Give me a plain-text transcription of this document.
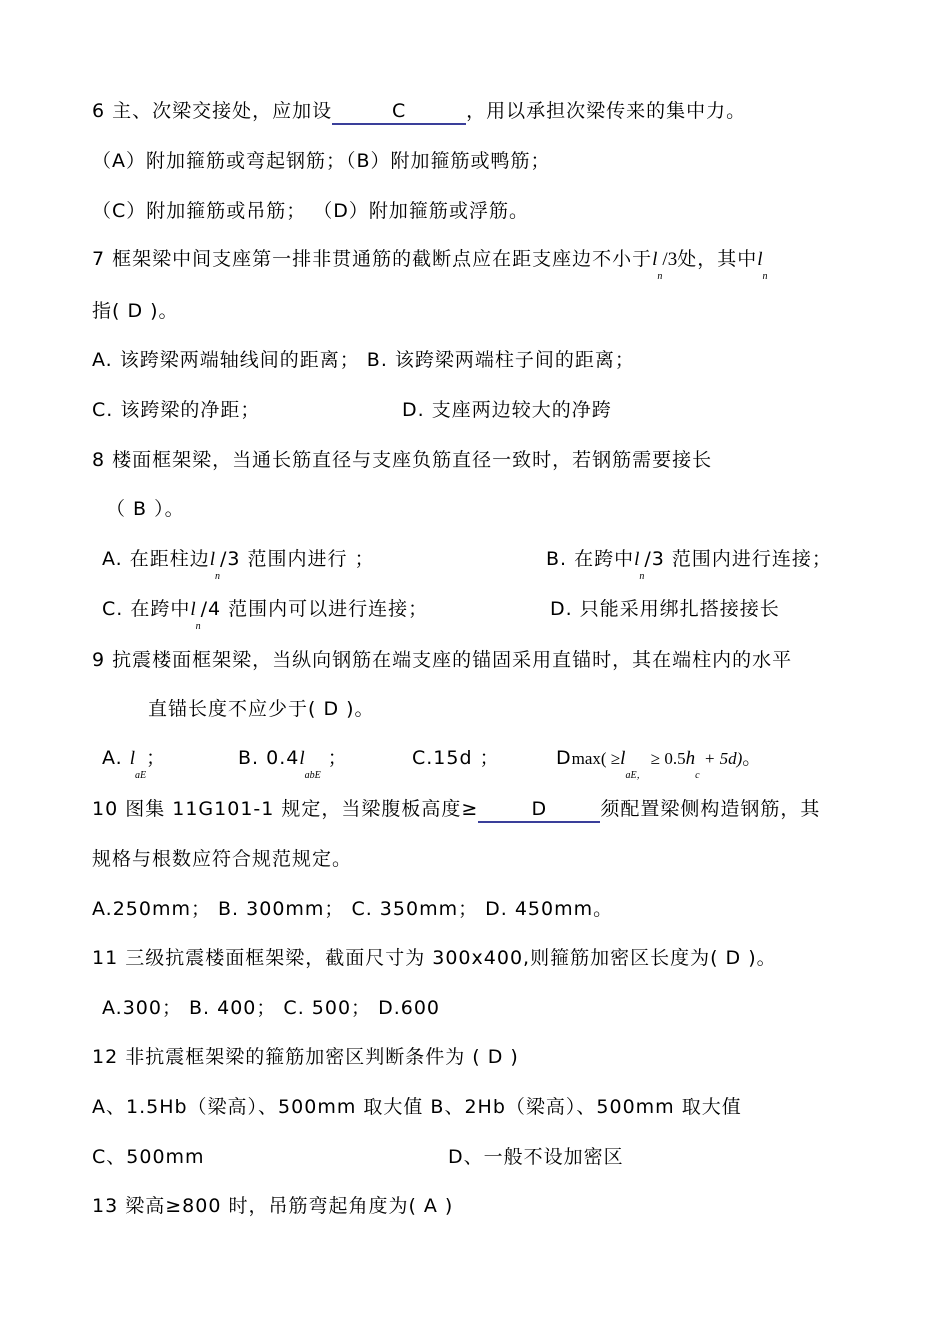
6 主、次梁交接处，应加设	C	，用以承担次梁传来的集中力。
（A）附加箍筋或弯起钢筋；（B）附加箍筋或鸭筋；
（C）附加箍筋或吊筋； （D）附加箍筋或浮筋。
7 框架梁中间支座第一排非贯通筋的截断点应在距支座边不小于$l_n/3$处，其中$l_n$
指( D )。
A. 该跨梁两端轴线间的距离； B. 该跨梁两端柱子间的距离；
C. 该跨梁的净距；	D. 支座两边较大的净跨
8 楼面框架梁，当通长筋直径与支座负筋直径一致时，若钢筋需要接长
（ B ）。
A. 在距柱边$l_n/3$ 范围内进行 ；	B. 在跨中$l_n/3$ 范围内进行连接；
C. 在跨中$l_n/4$ 范围内可以进行连接；	D. 只能采用绑扎搭接接长
9 抗震楼面框架梁，当纵向钢筋在端支座的锚固采用直锚时，其在端柱内的水平
直锚长度不应少于( D )。
A. $l_{aE}$；	B. $0.4l_{abE}$ ；	C.15d ；	$Dmax( \ge l_{aE,} \ge 0.5h_c + 5d)$。
10 图集 11G101-1 规定，当梁腹板高度≥	D	须配置梁侧构造钢筋，其
规格与根数应符合规范规定。
A.250mm； B. 300mm； C. 350mm； D. 450mm。
11 三级抗震楼面框架梁，截面尺寸为 300x400,则箍筋加密区长度为( D )。
A.300； B. 400； C. 500； D.600
12 非抗震框架梁的箍筋加密区判断条件为 ( D )
A、1.5Hb（梁高）、500mm 取大值 B、2Hb（梁高）、500mm 取大值
C、500mm	D、一般不设加密区
13 梁高≥800 时，吊筋弯起角度为( A )
